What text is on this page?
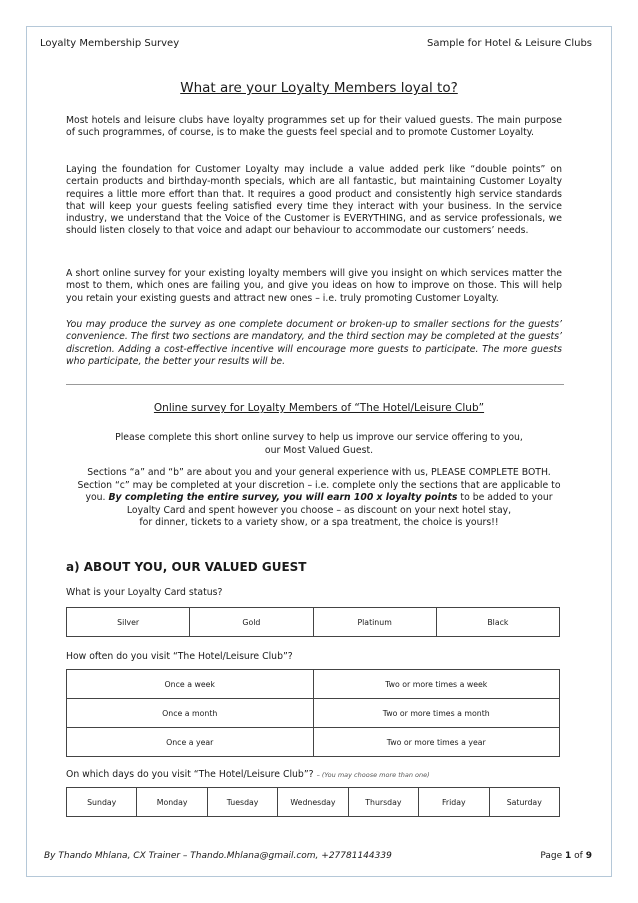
Loyalty Membership Survey	Sample for Hotel & Leisure Clubs
What are your Loyalty Members loyal to?

Most hotels and leisure clubs have loyalty programmes set up for their valued guests. The main purpose of such programmes, of course, is to make the guests feel special and to promote Customer Loyalty.

Laying the foundation for Customer Loyalty may include a value added perk like “double points” on certain products and birthday-month specials, which are all fantastic, but maintaining Customer Loyalty requires a little more effort than that. It requires a good product and consistently high service standards that will keep your guests feeling satisfied every time they interact with your business. In the service industry, we understand that the Voice of the Customer is EVERYTHING, and as service professionals, we should listen closely to that voice and adapt our behaviour to accommodate our customers’ needs.

A short online survey for your existing loyalty members will give you insight on which services matter the most to them, which ones are failing you, and give you ideas on how to improve on those. This will help you retain your existing guests and attract new ones – i.e. truly promoting Customer Loyalty.

You may produce the survey as one complete document or broken-up to smaller sections for the guests’ convenience. The first two sections are mandatory, and the third section may be completed at the guests’ discretion. Adding a cost-effective incentive will encourage more guests to participate. The more guests who participate, the better your results will be.

Online survey for Loyalty Members of “The Hotel/Leisure Club”
Please complete this short online survey to help us improve our service offering to you,
our Most Valued Guest.
Sections “a” and “b” are about you and your general experience with us, PLEASE COMPLETE BOTH.
Section “c” may be completed at your discretion – i.e. complete only the sections that are applicable to
you. By completing the entire survey, you will earn 100 x loyalty points to be added to your
Loyalty Card and spent however you choose – as discount on your next hotel stay,
for dinner, tickets to a variety show, or a spa treatment, the choice is yours!!
a) ABOUT YOU, OUR VALUED GUEST
What is your Loyalty Card status?
Silver	Gold	Platinum	Black
How often do you visit “The Hotel/Leisure Club”?
Once a week	Two or more times a week
Once a month	Two or more times a month
Once a year	Two or more times a year
On which days do you visit “The Hotel/Leisure Club”? – (You may choose more than one)
Sunday	Monday	Tuesday	Wednesday	Thursday	Friday	Saturday
By Thando Mhlana, CX Trainer – Thando.Mhlana@gmail.com, +27781144339	Page 1 of 9
